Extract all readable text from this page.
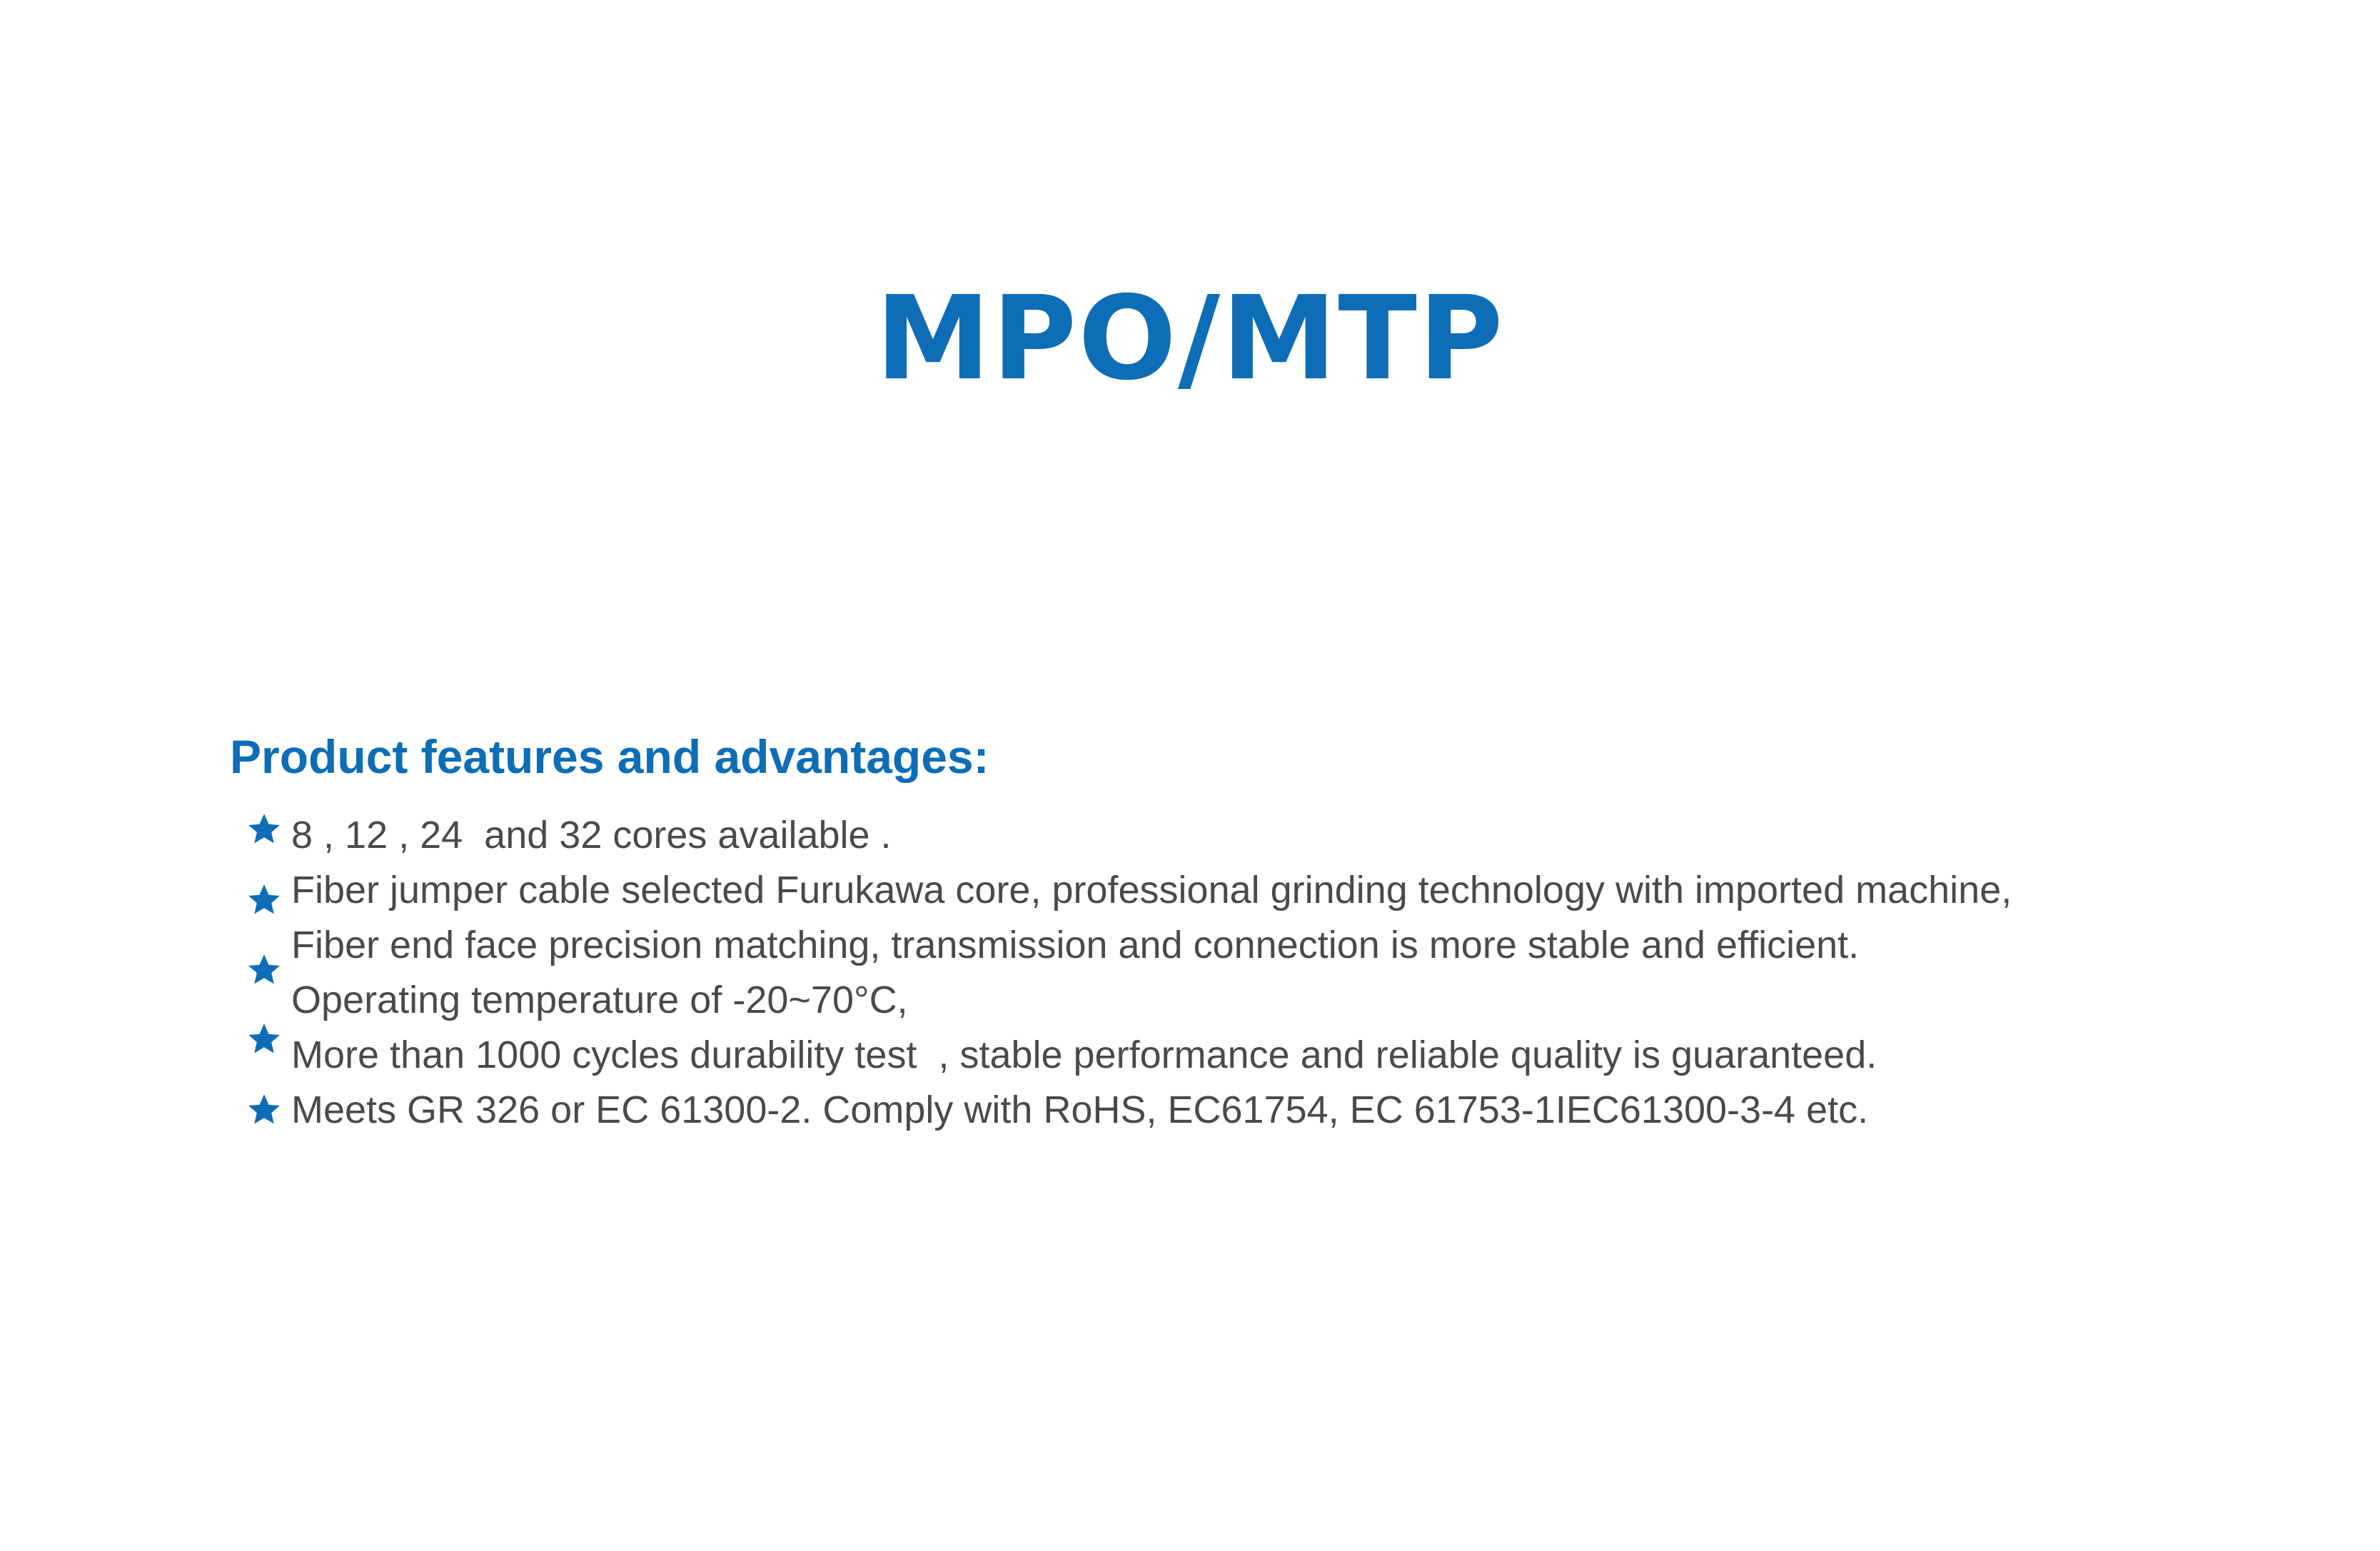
MPO/MTP
Product features and advantages:

8 , 12 , 24  and 32 cores available .

Fiber jumper cable selected Furukawa core, professional grinding technology with imported machine,

Fiber end face precision matching, transmission and connection is more stable and efficient.

Operating temperature of -20~70°C,

More than 1000 cycles durability test  , stable performance and reliable quality is guaranteed.

Meets GR 326 or EC 61300-2. Comply with RoHS, EC61754, EC 61753-1IEC61300-3-4 etc.
